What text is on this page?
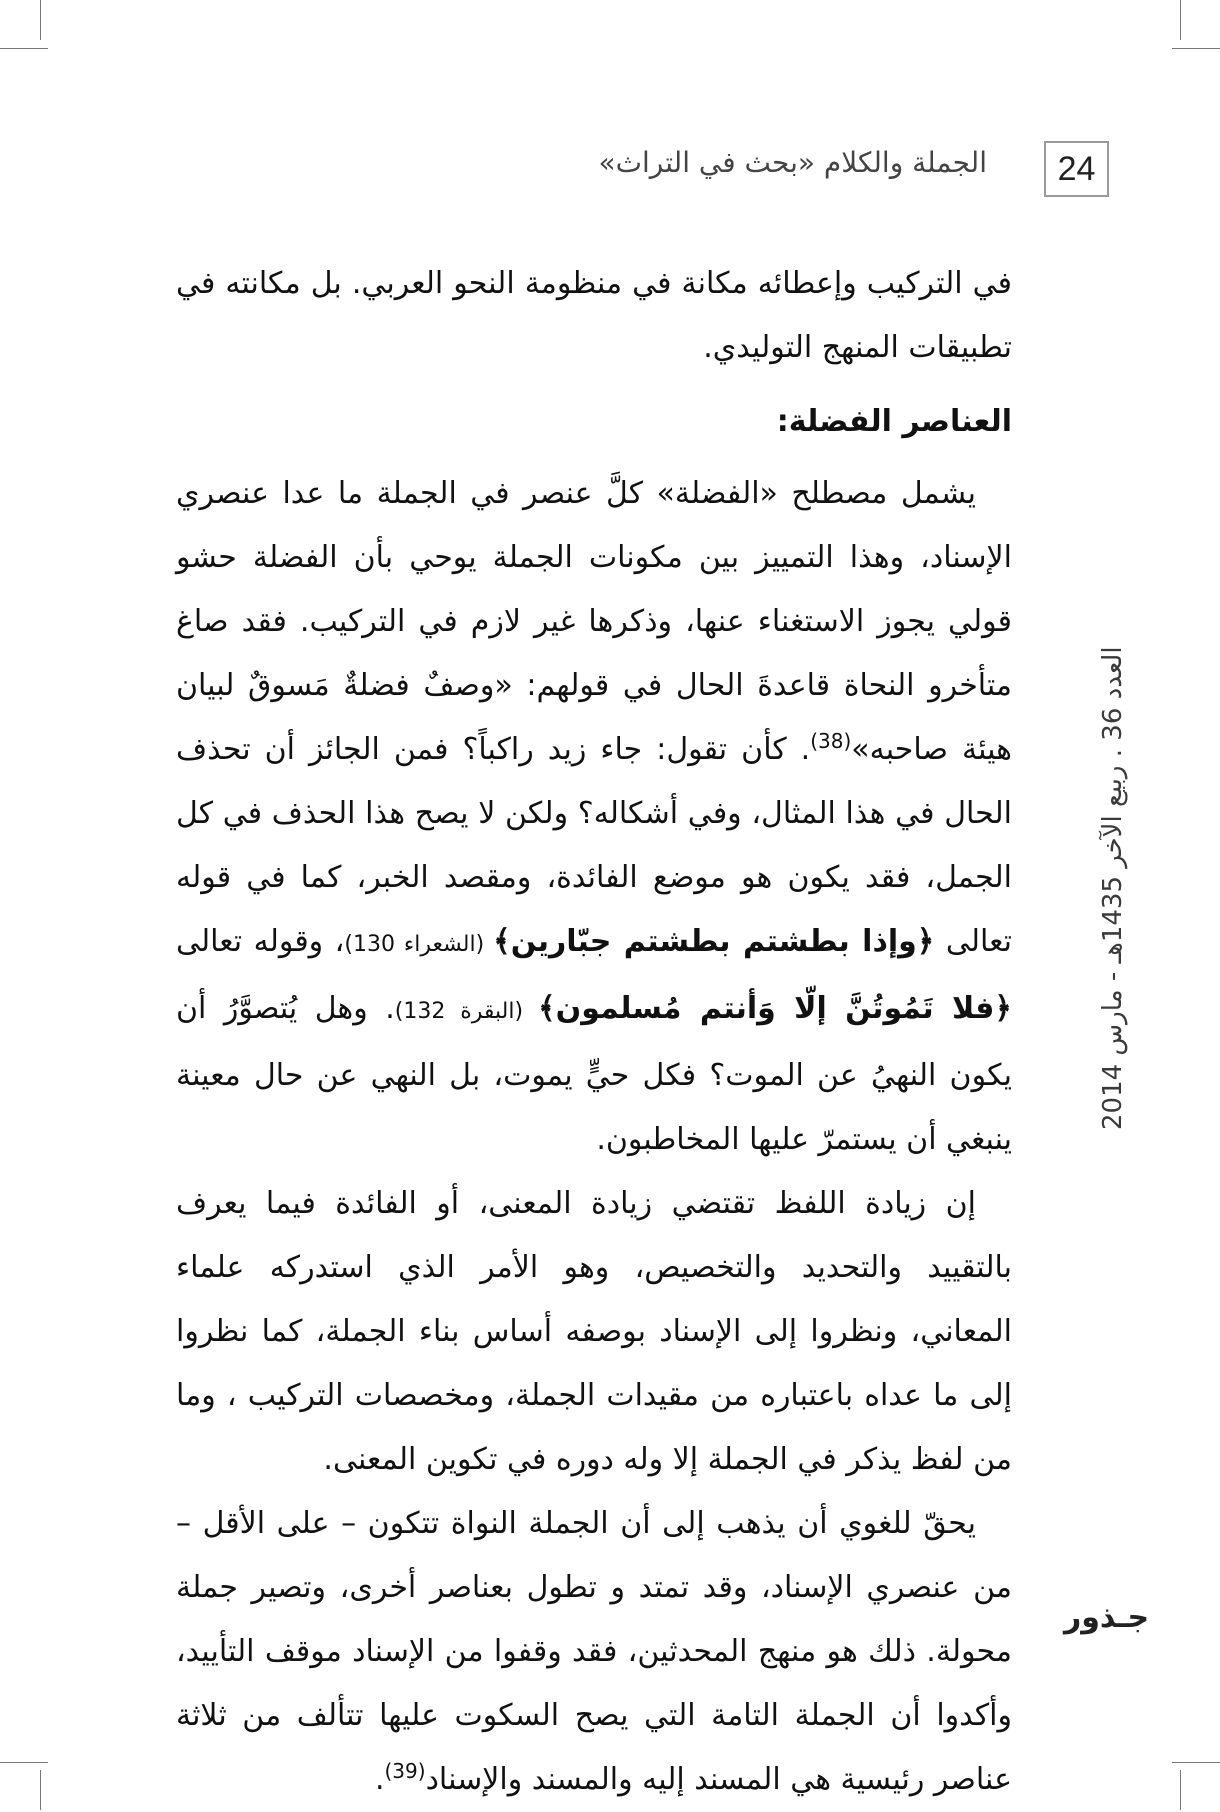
24
الجملة والكلام «بحث في التراث»
العدد 36 . ربيع الآخر 1435هـ - مارس 2014
جـذور

في التركيب وإعطائه مكانة في منظومة النحو العربي. بل مكانته في تطبيقات المنهج التوليدي.

العناصر الفضلة:

يشمل مصطلح «الفضلة» كلَّ عنصر في الجملة ما عدا عنصري الإسناد، وهذا التمييز بين مكونات الجملة يوحي بأن الفضلة حشو قولي يجوز الاستغناء عنها، وذكرها غير لازم في التركيب. فقد صاغ متأخرو النحاة قاعدةَ الحال في قولهم: «وصفٌ فضلةٌ مَسوقٌ لبيان هيئة صاحبه»$^{(38)}$. كأن تقول: جاء زيد راكباً؟ فمن الجائز أن تحذف الحال في هذا المثال، وفي أشكاله؟ ولكن لا يصح هذا الحذف في كل الجمل، فقد يكون هو موضع الفائدة، ومقصد الخبر، كما في قوله تعالى ﴿وإذا بطشتم بطشتم جبّارين﴾ (الشعراء 130)، وقوله تعالى ﴿فلا تَمُوتُنَّ إلّا وَأنتم مُسلمون﴾ (البقرة 132). وهل يُتصوَّرُ أن يكون النهيُ عن الموت؟ فكل حيٍّ يموت، بل النهي عن حال معينة ينبغي أن يستمرّ عليها المخاطبون.

إن زيادة اللفظ تقتضي زيادة المعنى، أو الفائدة فيما يعرف بالتقييد والتحديد والتخصيص، وهو الأمر الذي استدركه علماء المعاني، ونظروا إلى الإسناد بوصفه أساس بناء الجملة، كما نظروا إلى ما عداه باعتباره من مقيدات الجملة، ومخصصات التركيب ، وما من لفظ يذكر في الجملة إلا وله دوره في تكوين المعنى.

يحقّ للغوي أن يذهب إلى أن الجملة النواة تتكون – على الأقل – من عنصري الإسناد، وقد تمتد و تطول بعناصر أخرى، وتصير جملة محولة. ذلك هو منهج المحدثين، فقد وقفوا من الإسناد موقف التأييد، وأكدوا أن الجملة التامة التي يصح السكوت عليها تتألف من ثلاثة عناصر رئيسية هي المسند إليه والمسند والإسناد$^{(39)}$.
